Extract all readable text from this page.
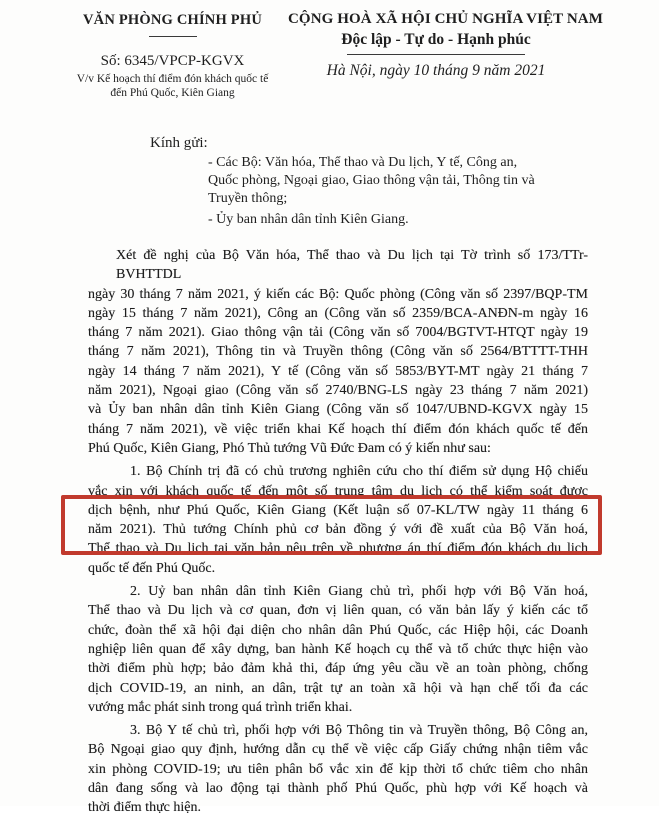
VĂN PHÒNG CHÍNH PHỦ
Số: 6345/VPCP-KGVX
V/v Kế hoạch thí điểm đón khách quốc tế
đến Phú Quốc, Kiên Giang
CỘNG HOÀ XÃ HỘI CHỦ NGHĨA VIỆT NAM
Độc lập - Tự do - Hạnh phúc
Hà Nội, ngày 10 tháng 9 năm 2021
Kính gửi:
- Các Bộ: Văn hóa, Thể thao và Du lịch, Y tế, Công an,
Quốc phòng, Ngoại giao, Giao thông vận tải, Thông tin và
Truyền thông;
- Ủy ban nhân dân tỉnh Kiên Giang.
Xét đề nghị của Bộ Văn hóa, Thể thao và Du lịch tại Tờ trình số 173/TTr-BVHTTDL
ngày 30 tháng 7 năm 2021, ý kiến các Bộ: Quốc phòng (Công văn số 2397/BQP-TM
ngày 15 tháng 7 năm 2021), Công an (Công văn số 2359/BCA-ANĐN-m ngày 16
tháng 7 năm 2021). Giao thông vận tải (Công văn số 7004/BGTVT-HTQT ngày 19
tháng 7 năm 2021), Thông tin và Truyền thông (Công văn số 2564/BTTTT-THH
ngày 14 tháng 7 năm 2021), Y tế (Công văn số 5853/BYT-MT ngày 21 tháng 7
năm 2021), Ngoại giao (Công văn số 2740/BNG-LS ngày 23 tháng 7 năm 2021)
và Ủy ban nhân dân tỉnh Kiên Giang (Công văn số 1047/UBND-KGVX ngày 15
tháng 7 năm 2021), về việc triển khai Kế hoạch thí điểm đón khách quốc tế đến
Phú Quốc, Kiên Giang, Phó Thủ tướng Vũ Đức Đam có ý kiến như sau:
1. Bộ Chính trị đã có chủ trương nghiên cứu cho thí điểm sử dụng Hộ chiếu
vắc xin với khách quốc tế đến một số trung tâm du lịch có thể kiểm soát được
dịch bệnh, như Phú Quốc, Kiên Giang (Kết luận số 07-KL/TW ngày 11 tháng 6
năm 2021). Thủ tướng Chính phủ cơ bản đồng ý với đề xuất của Bộ Văn hoá,
Thể thao và Du lịch tại văn bản nêu trên về phương án thí điểm đón khách du lịch
quốc tế đến Phú Quốc.
2. Uỷ ban nhân dân tỉnh Kiên Giang chủ trì, phối hợp với Bộ Văn hoá,
Thể thao và Du lịch và cơ quan, đơn vị liên quan, có văn bản lấy ý kiến các tổ
chức, đoàn thể xã hội đại diện cho nhân dân Phú Quốc, các Hiệp hội, các Doanh
nghiệp liên quan để xây dựng, ban hành Kế hoạch cụ thể và tổ chức thực hiện vào
thời điểm phù hợp; bảo đảm khả thi, đáp ứng yêu cầu về an toàn phòng, chống
dịch COVID-19, an ninh, an dân, trật tự an toàn xã hội và hạn chế tối đa các
vướng mắc phát sinh trong quá trình triển khai.
3. Bộ Y tế chủ trì, phối hợp với Bộ Thông tin và Truyền thông, Bộ Công an,
Bộ Ngoại giao quy định, hướng dẫn cụ thể về việc cấp Giấy chứng nhận tiêm vắc
xin phòng COVID-19; ưu tiên phân bổ vắc xin để kịp thời tổ chức tiêm cho nhân
dân đang sống và lao động tại thành phố Phú Quốc, phù hợp với Kế hoạch và
thời điểm thực hiện.
